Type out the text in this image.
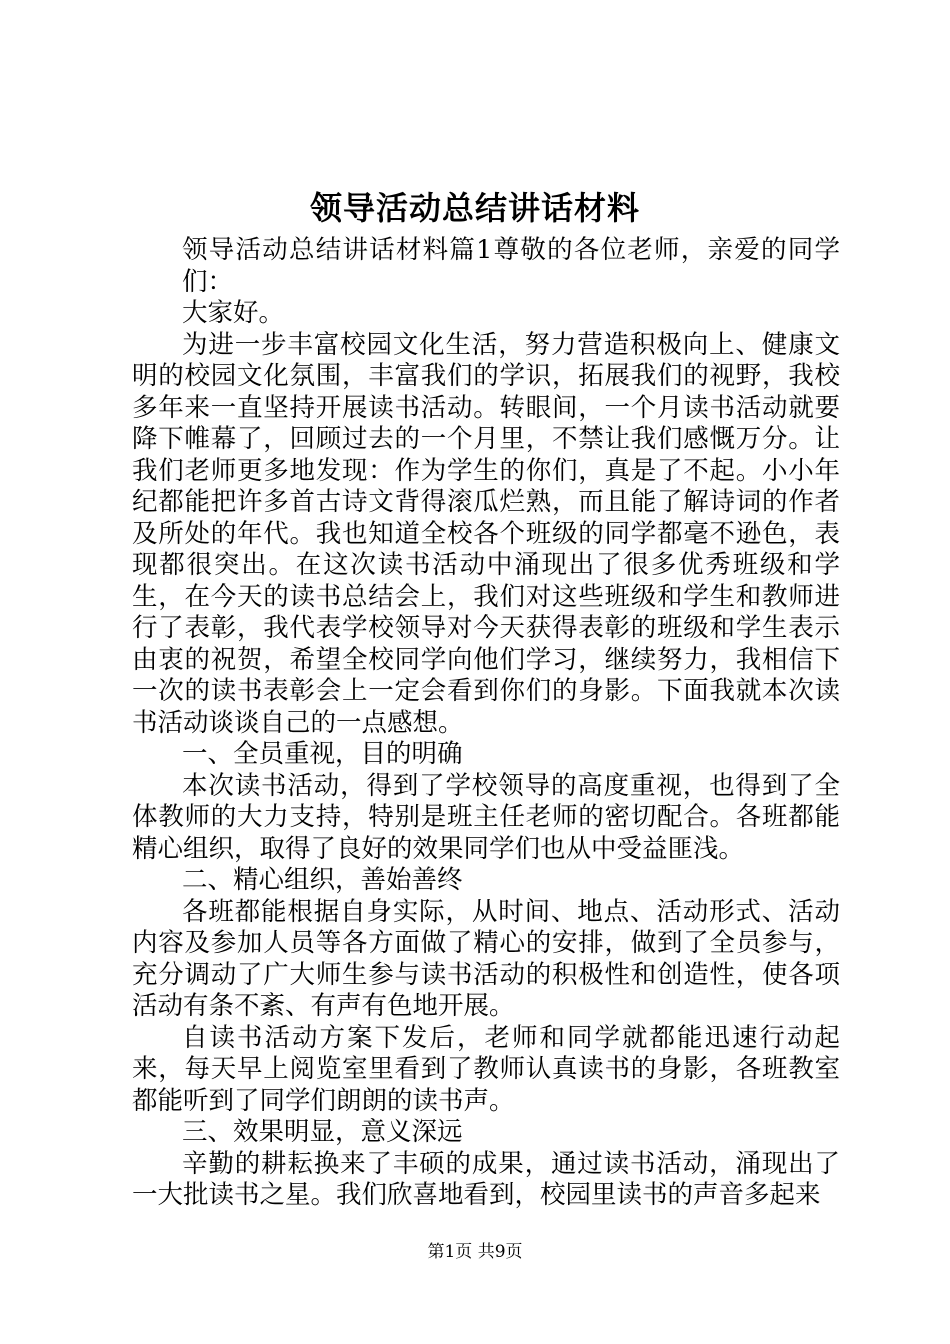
领导活动总结讲话材料

领导活动总结讲话材料篇1尊敬的各位老师，亲爱的同学们：

大家好。

为进一步丰富校园文化生活，努力营造积极向上、健康文明的校园文化氛围，丰富我们的学识，拓展我们的视野，我校多年来一直坚持开展读书活动。转眼间，一个月读书活动就要降下帷幕了，回顾过去的一个月里，不禁让我们感慨万分。让我们老师更多地发现：作为学生的你们，真是了不起。小小年纪都能把许多首古诗文背得滚瓜烂熟，而且能了解诗词的作者及所处的年代。我也知道全校各个班级的同学都毫不逊色，表现都很突出。在这次读书活动中涌现出了很多优秀班级和学生，在今天的读书总结会上，我们对这些班级和学生和教师进行了表彰，我代表学校领导对今天获得表彰的班级和学生表示由衷的祝贺，希望全校同学向他们学习，继续努力，我相信下一次的读书表彰会上一定会看到你们的身影。下面我就本次读书活动谈谈自己的一点感想。

一、全员重视，目的明确

本次读书活动，得到了学校领导的高度重视，也得到了全体教师的大力支持，特别是班主任老师的密切配合。各班都能精心组织，取得了良好的效果同学们也从中受益匪浅。

二、精心组织，善始善终

各班都能根据自身实际，从时间、地点、活动形式、活动内容及参加人员等各方面做了精心的安排，做到了全员参与，充分调动了广大师生参与读书活动的积极性和创造性，使各项活动有条不紊、有声有色地开展。

自读书活动方案下发后，老师和同学就都能迅速行动起来，每天早上阅览室里看到了教师认真读书的身影，各班教室都能听到了同学们朗朗的读书声。

三、效果明显，意义深远

辛勤的耕耘换来了丰硕的成果，通过读书活动，涌现出了一大批读书之星。我们欣喜地看到，校园里读书的声音多起来

第1页 共9页
